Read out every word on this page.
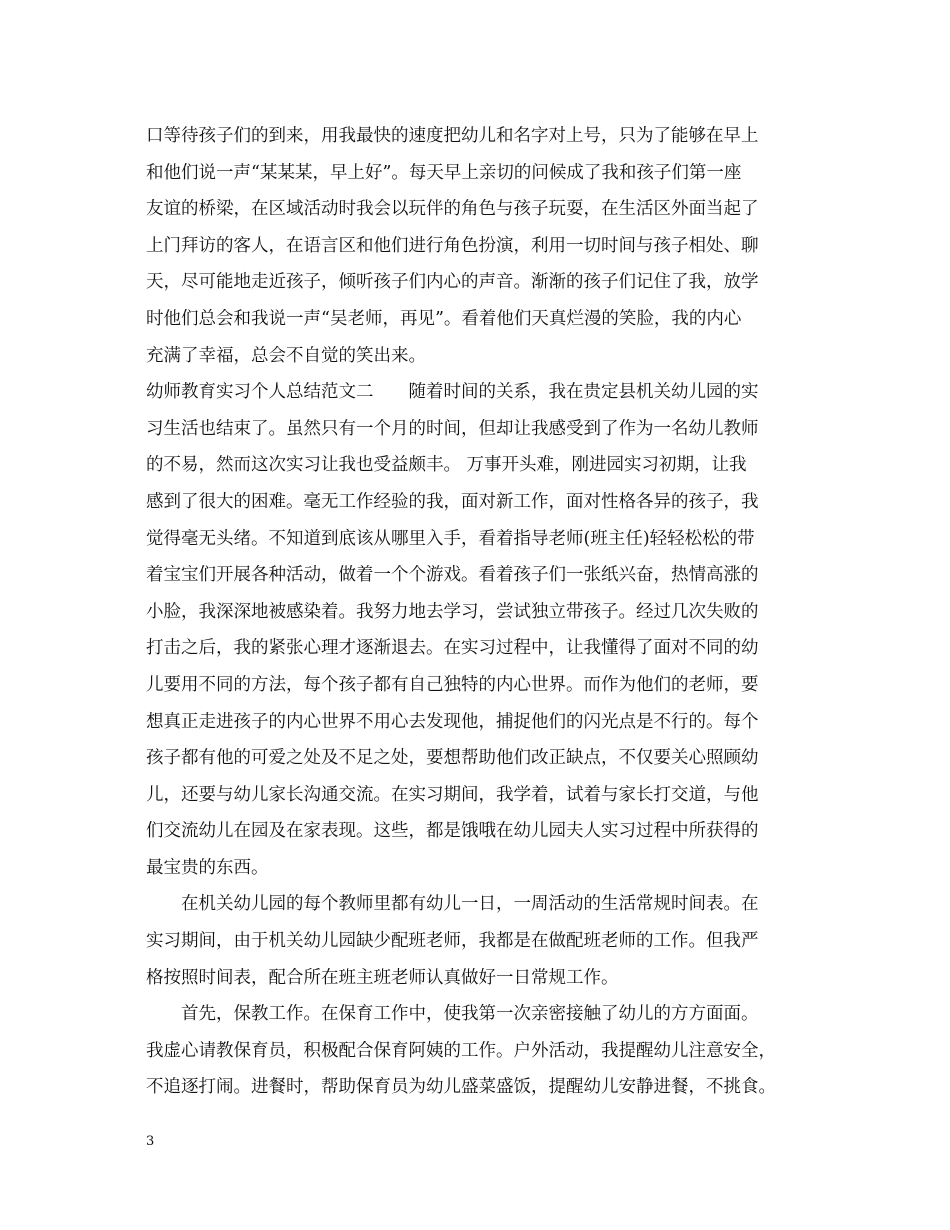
口等待孩子们的到来，用我最快的速度把幼儿和名字对上号，只为了能够在早上
和他们说一声“某某某，早上好”。每天早上亲切的问候成了我和孩子们第一座
友谊的桥梁，在区域活动时我会以玩伴的角色与孩子玩耍，在生活区外面当起了
上门拜访的客人，在语言区和他们进行角色扮演，利用一切时间与孩子相处、聊
天，尽可能地走近孩子，倾听孩子们内心的声音。渐渐的孩子们记住了我，放学
时他们总会和我说一声“吴老师，再见”。看着他们天真烂漫的笑脸，我的内心
充满了幸福，总会不自觉的笑出来。
幼师教育实习个人总结范文二　　随着时间的关系，我在贵定县机关幼儿园的实
习生活也结束了。虽然只有一个月的时间，但却让我感受到了作为一名幼儿教师
的不易，然而这次实习让我也受益颇丰。 万事开头难，刚进园实习初期，让我
感到了很大的困难。毫无工作经验的我，面对新工作，面对性格各异的孩子，我
觉得毫无头绪。不知道到底该从哪里入手，看着指导老师(班主任)轻轻松松的带
着宝宝们开展各种活动，做着一个个游戏。看着孩子们一张纸兴奋，热情高涨的
小脸，我深深地被感染着。我努力地去学习，尝试独立带孩子。经过几次失败的
打击之后，我的紧张心理才逐渐退去。在实习过程中，让我懂得了面对不同的幼
儿要用不同的方法，每个孩子都有自己独特的内心世界。而作为他们的老师，要
想真正走进孩子的内心世界不用心去发现他，捕捉他们的闪光点是不行的。每个
孩子都有他的可爱之处及不足之处，要想帮助他们改正缺点，不仅要关心照顾幼
儿，还要与幼儿家长沟通交流。在实习期间，我学着，试着与家长打交道，与他
们交流幼儿在园及在家表现。这些，都是饿哦在幼儿园夫人实习过程中所获得的
最宝贵的东西。
　　在机关幼儿园的每个教师里都有幼儿一日，一周活动的生活常规时间表。在
实习期间，由于机关幼儿园缺少配班老师，我都是在做配班老师的工作。但我严
格按照时间表，配合所在班主班老师认真做好一日常规工作。
　　首先，保教工作。在保育工作中，使我第一次亲密接触了幼儿的方方面面。
我虚心请教保育员，积极配合保育阿姨的工作。户外活动，我提醒幼儿注意安全，
不追逐打闹。进餐时，帮助保育员为幼儿盛菜盛饭，提醒幼儿安静进餐，不挑食。
3
